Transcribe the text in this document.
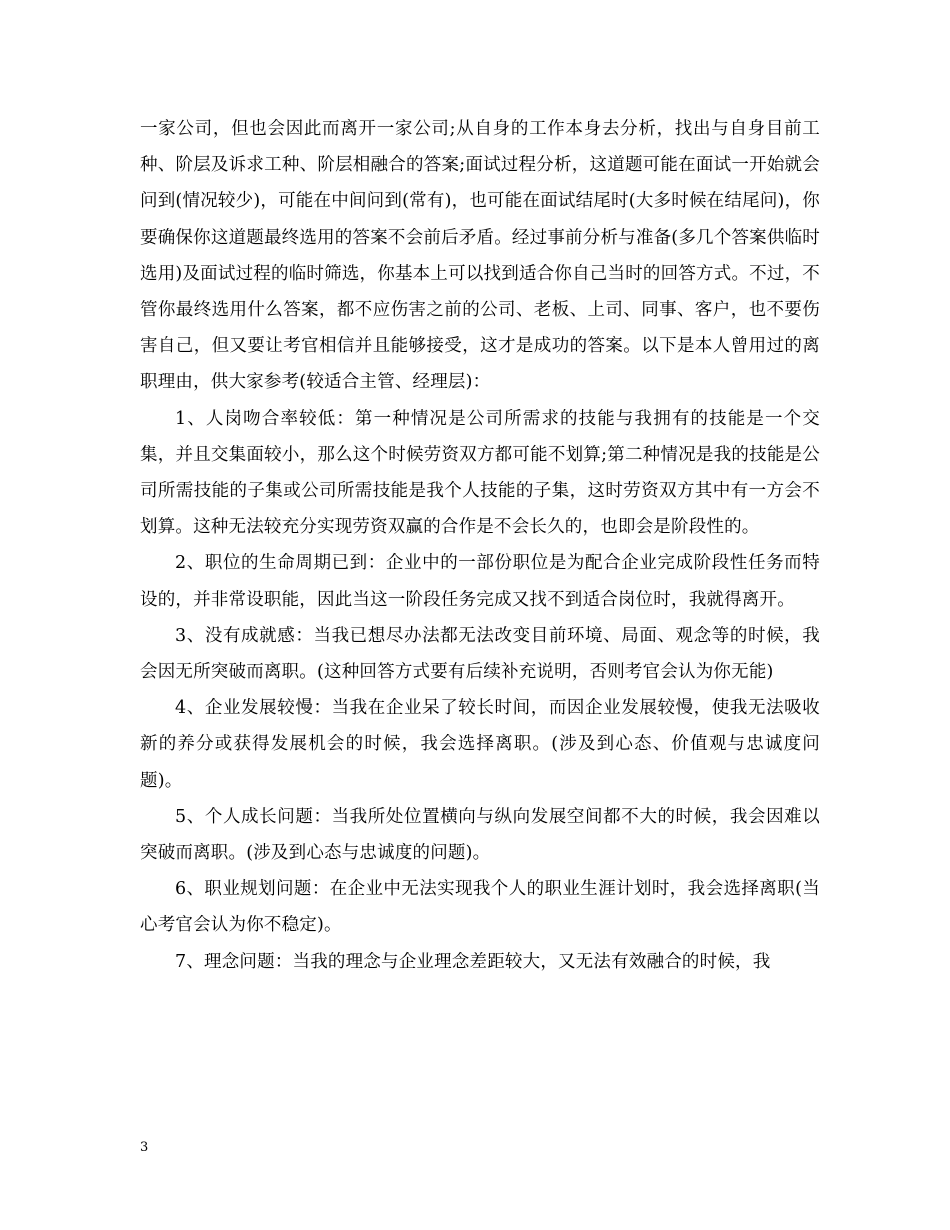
一家公司，但也会因此而离开一家公司;从自身的工作本身去分析，找出与自身目前工种、阶层及诉求工种、阶层相融合的答案;面试过程分析，这道题可能在面试一开始就会问到(情况较少)，可能在中间问到(常有)，也可能在面试结尾时(大多时候在结尾问)，你要确保你这道题最终选用的答案不会前后矛盾。经过事前分析与准备(多几个答案供临时选用)及面试过程的临时筛选，你基本上可以找到适合你自己当时的回答方式。不过，不管你最终选用什么答案，都不应伤害之前的公司、老板、上司、同事、客户，也不要伤害自己，但又要让考官相信并且能够接受，这才是成功的答案。以下是本人曾用过的离职理由，供大家参考(较适合主管、经理层)：

1、人岗吻合率较低：第一种情况是公司所需求的技能与我拥有的技能是一个交集，并且交集面较小，那么这个时候劳资双方都可能不划算;第二种情况是我的技能是公司所需技能的子集或公司所需技能是我个人技能的子集，这时劳资双方其中有一方会不划算。这种无法较充分实现劳资双赢的合作是不会长久的，也即会是阶段性的。

2、职位的生命周期已到：企业中的一部份职位是为配合企业完成阶段性任务而特设的，并非常设职能，因此当这一阶段任务完成又找不到适合岗位时，我就得离开。

3、没有成就感：当我已想尽办法都无法改变目前环境、局面、观念等的时候，我会因无所突破而离职。(这种回答方式要有后续补充说明，否则考官会认为你无能)

4、企业发展较慢：当我在企业呆了较长时间，而因企业发展较慢，使我无法吸收新的养分或获得发展机会的时候，我会选择离职。(涉及到心态、价值观与忠诚度问题)。

5、个人成长问题：当我所处位置横向与纵向发展空间都不大的时候，我会因难以突破而离职。(涉及到心态与忠诚度的问题)。

6、职业规划问题：在企业中无法实现我个人的职业生涯计划时，我会选择离职(当心考官会认为你不稳定)。

7、理念问题：当我的理念与企业理念差距较大，又无法有效融合的时候，我

3
